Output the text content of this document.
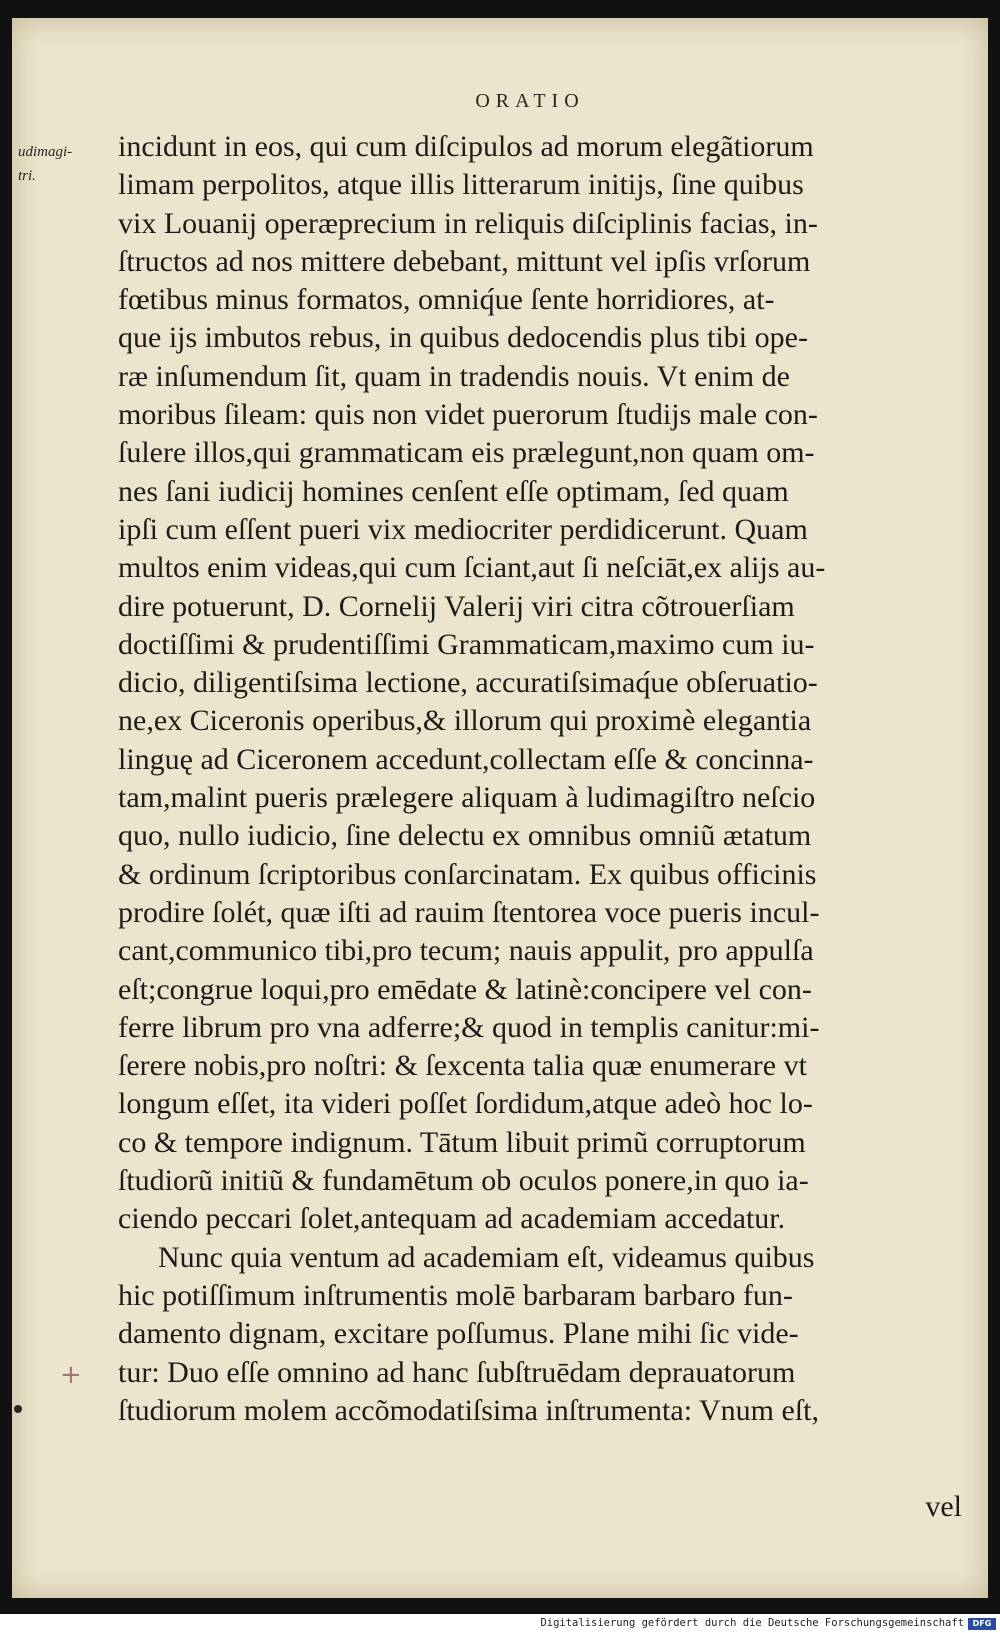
ORATIO
udimagi-
tri.
incidunt in eos, qui cum diſcipulos ad morum elegãtiorum
limam perpolitos, atque illis litterarum initijs, ſine quibus
vix Louanij operæprecium in reliquis diſciplinis facias, in-
ſtructos ad nos mittere debebant, mittunt vel ipſis vrſorum
fœtibus minus formatos, omniq́ue ſente horridiores, at-
que ijs imbutos rebus, in quibus dedocendis plus tibi ope-
ræ inſumendum ſit, quam in tradendis nouis. Vt enim de
moribus ſileam: quis non videt puerorum ſtudijs male con-
ſulere illos,qui grammaticam eis prælegunt,non quam om-
nes ſani iudicij homines cenſent eſſe optimam, ſed quam
ipſi cum eſſent pueri vix mediocriter perdidicerunt. Quam
multos enim videas,qui cum ſciant,aut ſi neſciāt,ex alijs au-
dire potuerunt, D. Cornelij Valerij viri citra cõtrouerſiam
doctiſſimi & prudentiſſimi Grammaticam,maximo cum iu-
dicio, diligentiſsima lectione, accuratiſsimaq́ue obſeruatio-
ne,ex Ciceronis operibus,& illorum qui proximè elegantia
linguę ad Ciceronem accedunt,collectam eſſe & concinna-
tam,malint pueris prælegere aliquam à ludimagiſtro neſcio
quo, nullo iudicio, ſine delectu ex omnibus omniũ ætatum
& ordinum ſcriptoribus conſarcinatam. Ex quibus officinis
prodire ſolét, quæ iſti ad rauim ſtentorea voce pueris incul-
cant,communico tibi,pro tecum; nauis appulit, pro appulſa
eſt;congrue loqui,pro emēdate & latinè:concipere vel con-
ferre librum pro vna adferre;& quod in templis canitur:mi-
ſerere nobis,pro noſtri: & ſexcenta talia quæ enumerare vt
longum eſſet, ita videri poſſet ſordidum,atque adeò hoc lo-
co & tempore indignum. Tātum libuit primũ corruptorum
ſtudiorũ initiũ & fundamētum ob oculos ponere,in quo ia-
ciendo peccari ſolet,antequam ad academiam accedatur.
Nunc quia ventum ad academiam eſt, videamus quibus
hic potiſſimum inſtrumentis molē barbaram barbaro fun-
damento dignam, excitare poſſumus. Plane mihi ſic vide-
tur: Duo eſſe omnino ad hanc ſubſtruēdam deprauatorum
ſtudiorum molem accõmodatiſsima inſtrumenta: Vnum eſt,
vel
+
Digitalisierung gefördert durch die Deutsche Forschungsgemeinschaft	DFG
